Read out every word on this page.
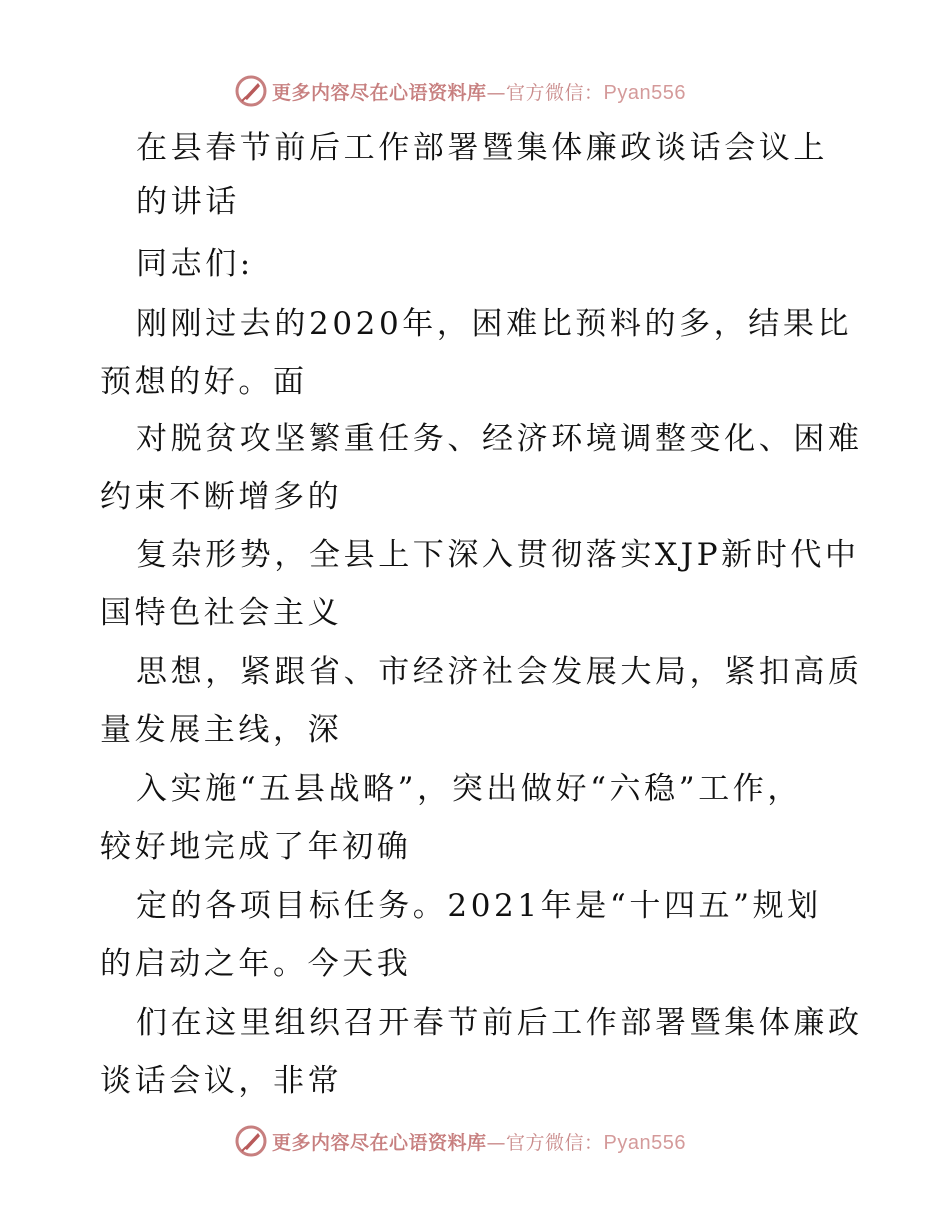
更多内容尽在心语资料库—官方微信：Pyan556
在县春节前后工作部署暨集体廉政谈话会议上
的讲话
同志们:
刚刚过去的2020年，困难比预料的多，结果比
预想的好。面
对脱贫攻坚繁重任务、经济环境调整变化、困难
约束不断增多的
复杂形势，全县上下深入贯彻落实XJP新时代中
国特色社会主义
思想，紧跟省、市经济社会发展大局，紧扣高质
量发展主线，深
入实施“五县战略”，突出做好“六稳”工作，
较好地完成了年初确
定的各项目标任务。2021年是“十四五”规划
的启动之年。今天我
们在这里组织召开春节前后工作部署暨集体廉政
谈话会议，非常
更多内容尽在心语资料库—官方微信：Pyan556
